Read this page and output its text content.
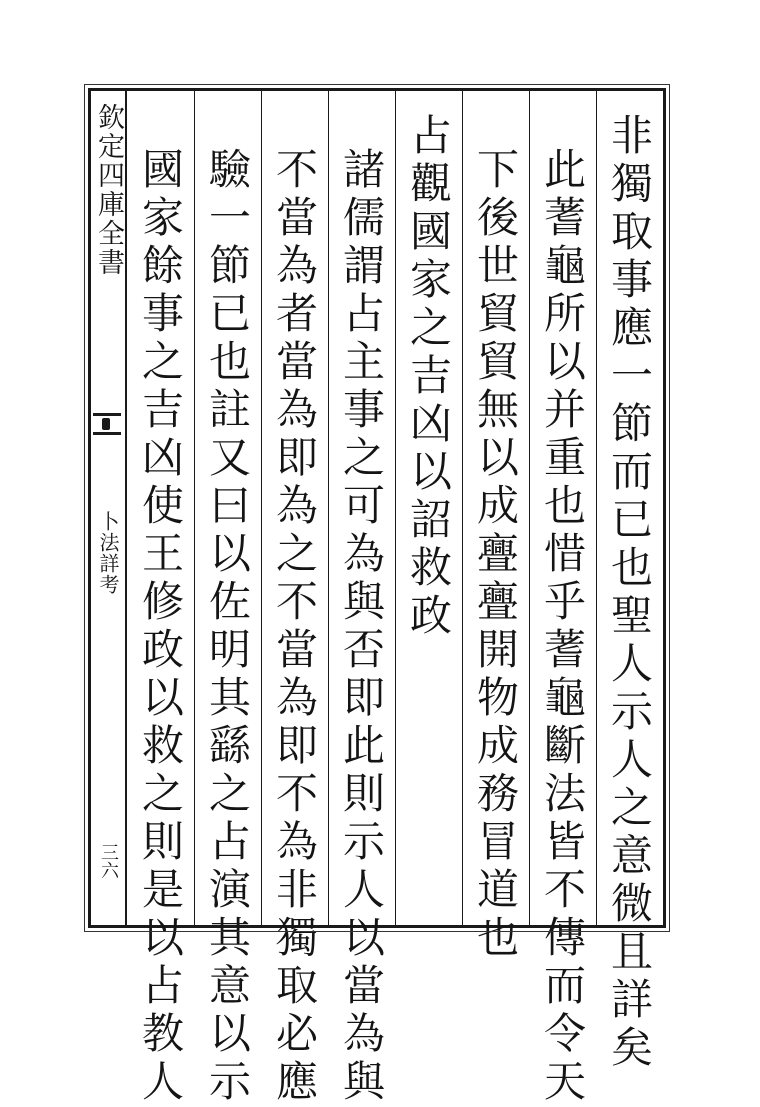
欽定四庫全書
卜法詳考
三六	非獨取事應一節而已也聖人示人之意微且詳矣
此蓍龜所以并重也惜乎蓍龜斷法皆不傳而令天
下後世貿貿無以成亹亹開物成務冒道也
占觀國家之吉凶以詔救政
諸儒謂占主事之可為與否即此則示人以當為與
不當為者當為即為之不當為即不為非獨取必應
驗一節已也註又曰以佐明其繇之占演其意以示
國家餘事之吉凶使王修政以救之則是以占教人
